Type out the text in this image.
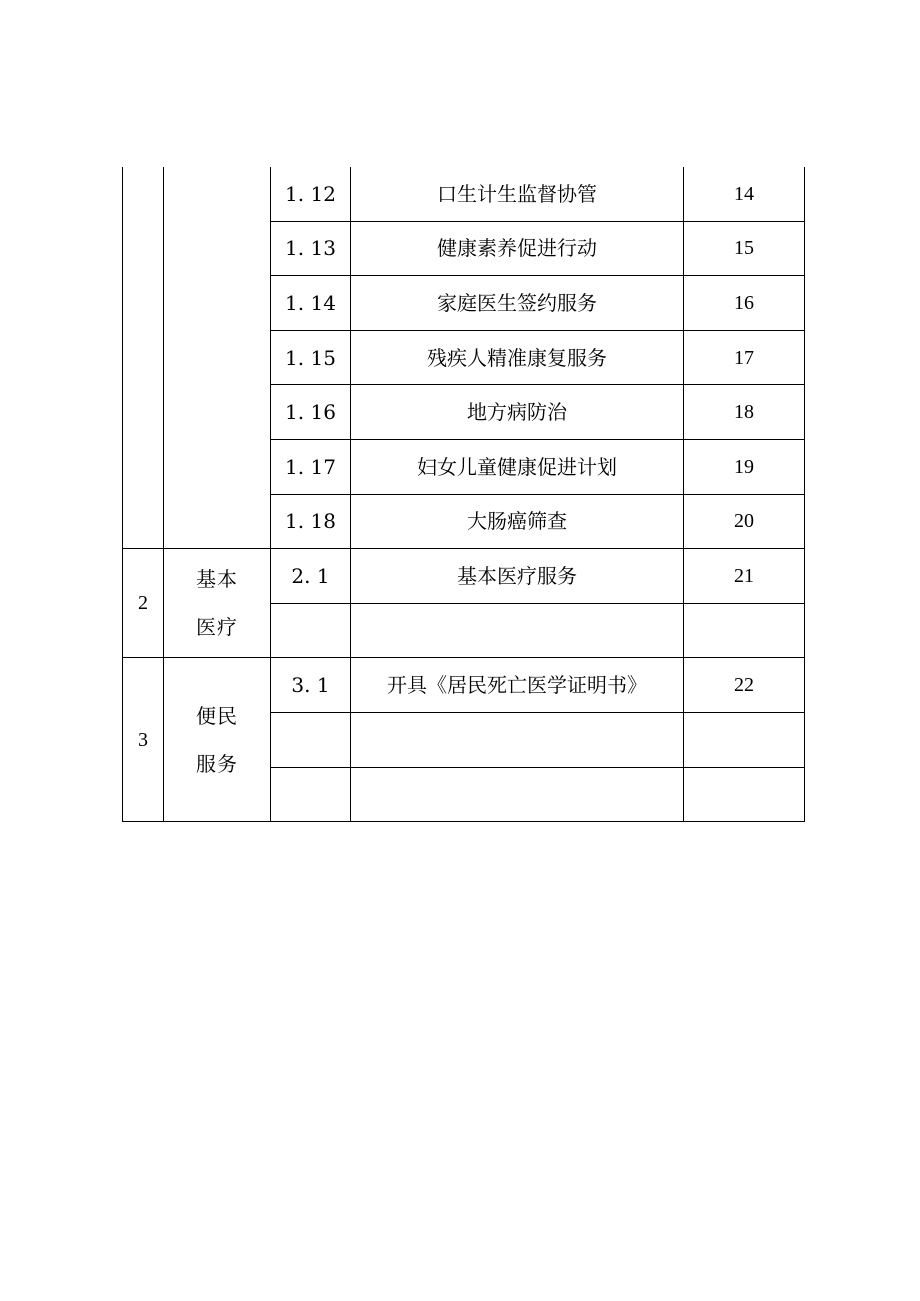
		1. 12	口生计生监督协管	14
		1. 13	健康素养促进行动	15
		1. 14	家庭医生签约服务	16
		1. 15	残疾人精准康复服务	17
		1. 16	地方病防治	18
		1. 17	妇女儿童健康促进计划	19
		1. 18	大肠癌筛查	20
2	基本医疗	2. 1	基本医疗服务	21

3	便民服务	3. 1	开具《居民死亡医学证明书》	22
